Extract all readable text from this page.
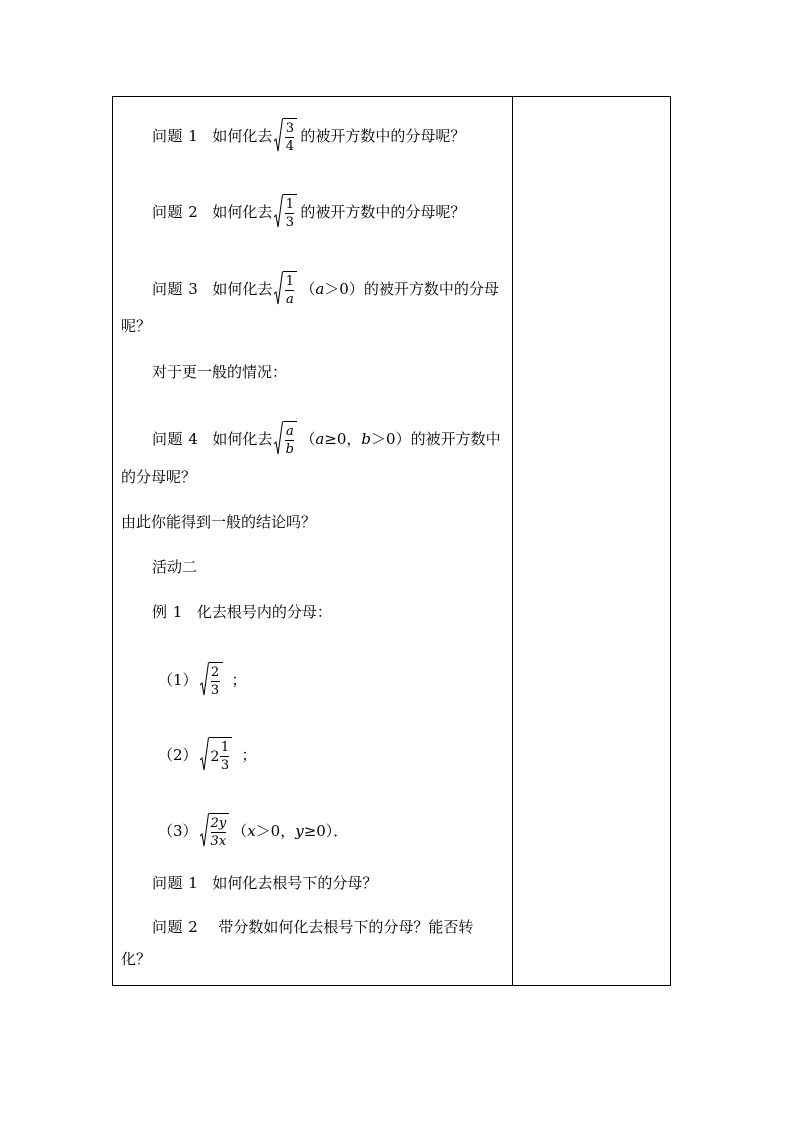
问题 1 如何化去 $\frac{3}{4}$ 的被开方数中的分母呢？
问题 2 如何化去 $\frac{1}{3}$ 的被开方数中的分母呢？
问题 3 如何化去 $\frac{1}{a} (a>0)$ 的被开方数中的分母
呢？
对于更一般的情况：
问题 4 如何化去 $\frac{a}{b} (a\ge 0$，b＞0） 的被开方数中
的分母呢？
由此你能得到一般的结论吗？
活动二
例 1 化去根号内的分母：
$(1) \frac{2}{3}$ ；
（2） $2 \frac{1}{3}$ ；
$(3) \frac{2y}{3x} (x>0$，y≥0）．
问题 1 如何化去根号下的分母？
问题 2 带分数如何化去根号下的分母？能否转
化？
